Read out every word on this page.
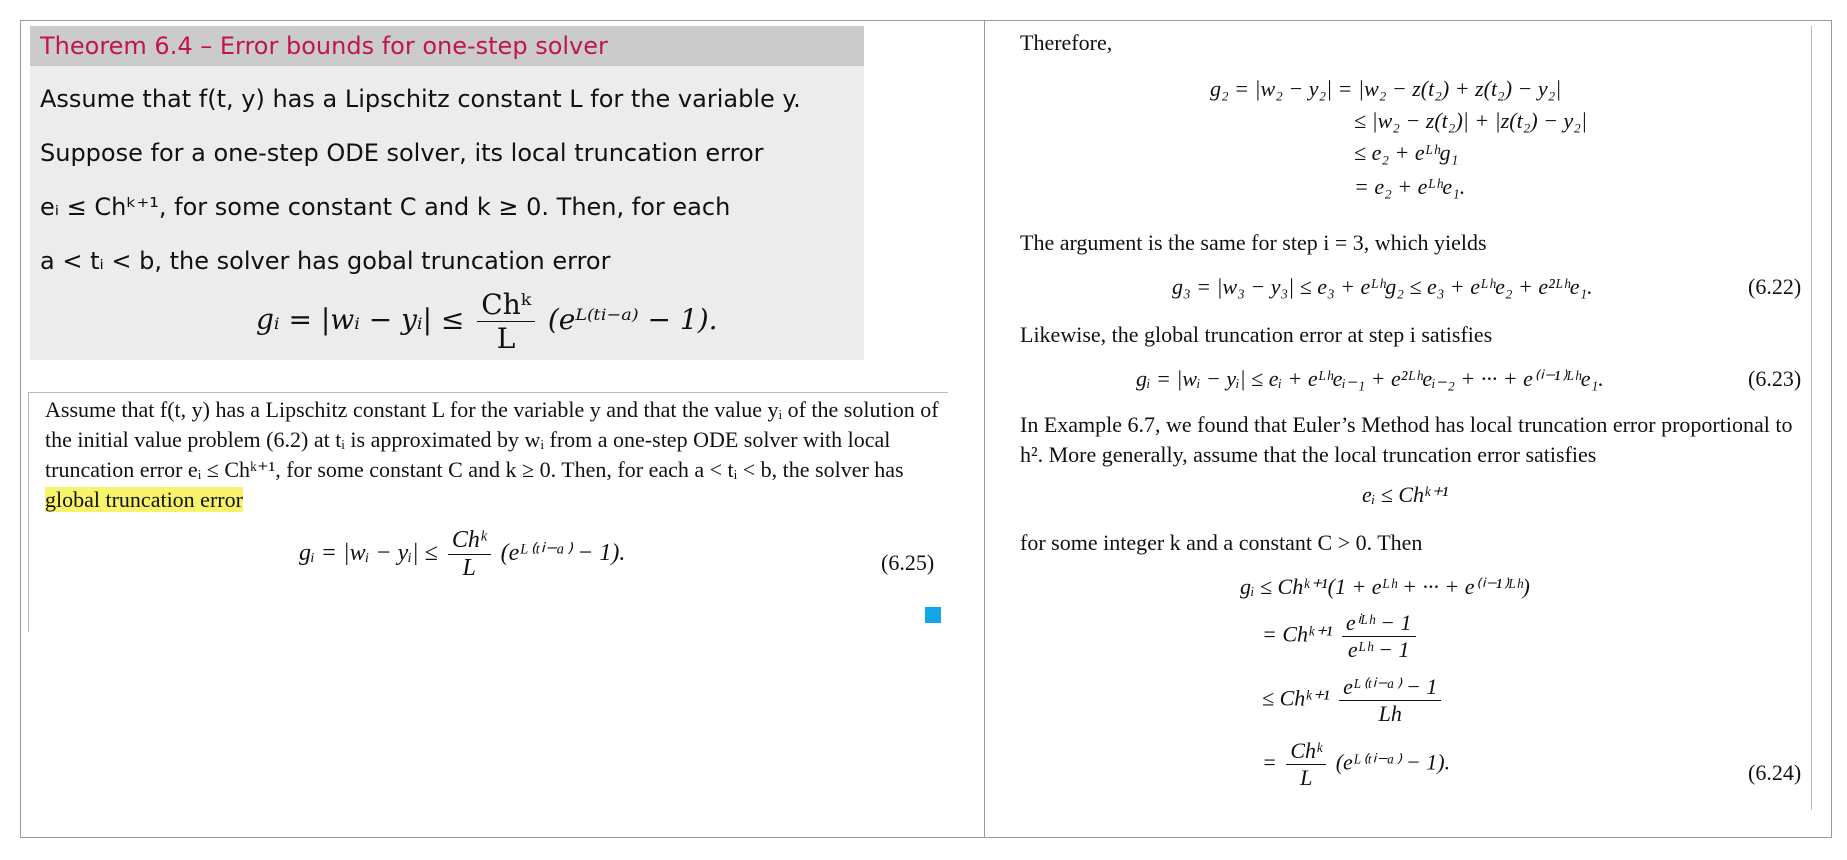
Theorem 6.4 – Error bounds for one-step solver
Assume that f(t, y) has a Lipschitz constant L for the variable y.
Suppose for a one-step ODE solver, its local truncation error
eᵢ ≤ Chᵏ⁺¹, for some constant C and k ≥ 0. Then, for each
a < tᵢ < b, the solver has gobal truncation error
gᵢ = |wᵢ − yᵢ| ≤ $\frac{\text{Chᵏ}}{L}$ (eᴸ⁽ᵗⁱ⁻ᵃ⁾ − 1).
Assume that f(t, y) has a Lipschitz constant L for the variable y and that the value yᵢ of the solution of the initial value problem (6.2) at tᵢ is approximated by wᵢ from a one-step ODE solver with local truncation error eᵢ ≤ Chᵏ⁺¹, for some constant C and k ≥ 0. Then, for each a < tᵢ < b, the solver has global truncation error
gᵢ = |wᵢ − yᵢ| ≤ $\frac{\text{Chᵏ}}{L}$ (eᴸ⁽ᵗⁱ⁻ᵃ⁾ − 1).	(6.25)
Therefore,
g₂ = |w₂ − y₂| = |w₂ − z(t₂) + z(t₂) − y₂|
≤ |w₂ − z(t₂)| + |z(t₂) − y₂|
≤ e₂ + eᴸʰg₁
= e₂ + eᴸʰe₁.
The argument is the same for step i = 3, which yields
g₃ = |w₃ − y₃| ≤ e₃ + eᴸʰg₂ ≤ e₃ + eᴸʰe₂ + e²ᴸʰe₁.	(6.22)
Likewise, the global truncation error at step i satisfies
gᵢ = |wᵢ − yᵢ| ≤ eᵢ + eᴸʰeᵢ₋₁ + e²ᴸʰeᵢ₋₂ + ··· + e⁽ⁱ⁻¹⁾ᴸʰe₁.	(6.23)
In Example 6.7, we found that Euler’s Method has local truncation error proportional to h². More generally, assume that the local truncation error satisfies
eᵢ ≤ Chᵏ⁺¹
for some integer k and a constant C > 0. Then
gᵢ ≤ Chᵏ⁺¹(1 + eᴸʰ + ··· + e⁽ⁱ⁻¹⁾ᴸʰ)
= Chᵏ⁺¹ $\frac{\text{eⁱᴸʰ − 1}}{\text{eᴸʰ − 1}}$
≤ Chᵏ⁺¹ $\frac{\text{eᴸ⁽ᵗⁱ⁻ᵃ⁾ − 1}}{Lh}$
= $\frac{\text{Chᵏ}}{L}$ (eᴸ⁽ᵗⁱ⁻ᵃ⁾ − 1).	(6.24)
